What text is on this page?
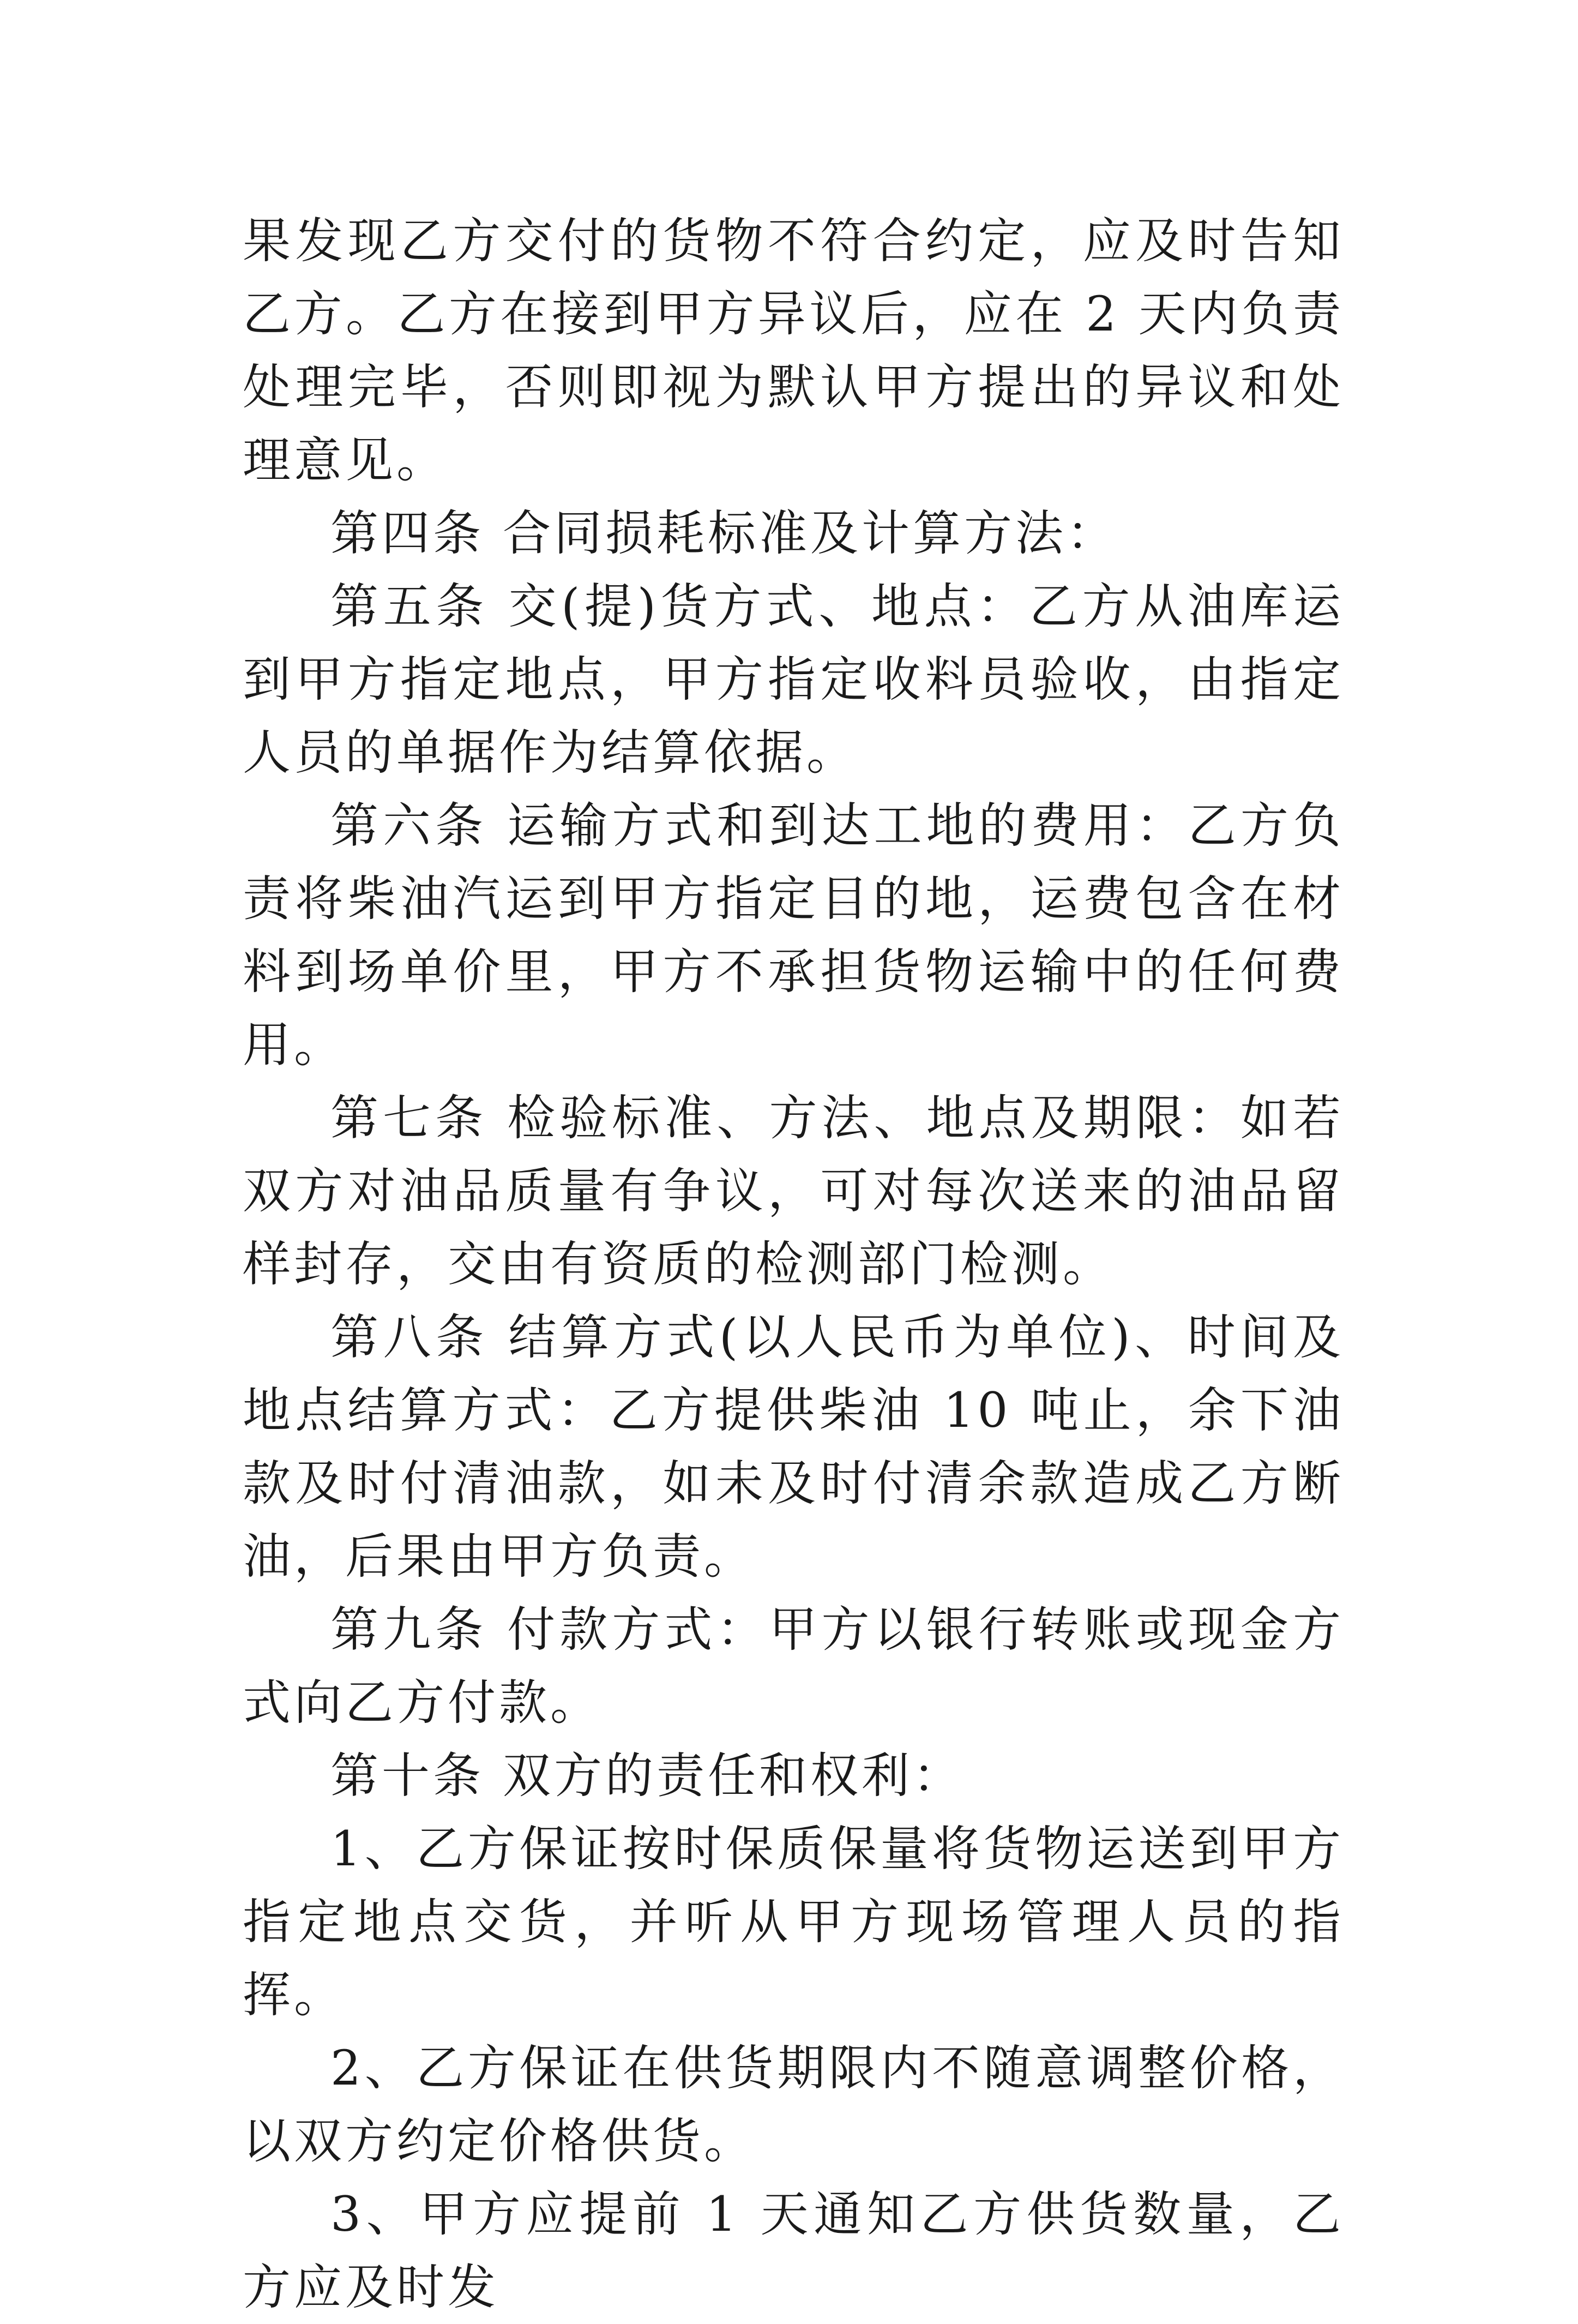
果发现乙方交付的货物不符合约定，应及时告知乙方。乙方在接到甲方异议后，应在 2 天内负责处理完毕，否则即视为默认甲方提出的异议和处理意见。

第四条 合同损耗标准及计算方法：

第五条 交(提)货方式、地点：乙方从油库运到甲方指定地点，甲方指定收料员验收，由指定人员的单据作为结算依据。

第六条 运输方式和到达工地的费用：乙方负责将柴油汽运到甲方指定目的地，运费包含在材料到场单价里，甲方不承担货物运输中的任何费用。

第七条 检验标准、方法、地点及期限：如若双方对油品质量有争议，可对每次送来的油品留样封存，交由有资质的检测部门检测。

第八条 结算方式(以人民币为单位)、时间及地点结算方式：乙方提供柴油 10 吨止，余下油款及时付清油款，如未及时付清余款造成乙方断油，后果由甲方负责。

第九条 付款方式：甲方以银行转账或现金方式向乙方付款。

第十条 双方的责任和权利：

1、乙方保证按时保质保量将货物运送到甲方指定地点交货，并听从甲方现场管理人员的指挥。

2、乙方保证在供货期限内不随意调整价格，以双方约定价格供货。

3、甲方应提前 1 天通知乙方供货数量，乙方应及时发
